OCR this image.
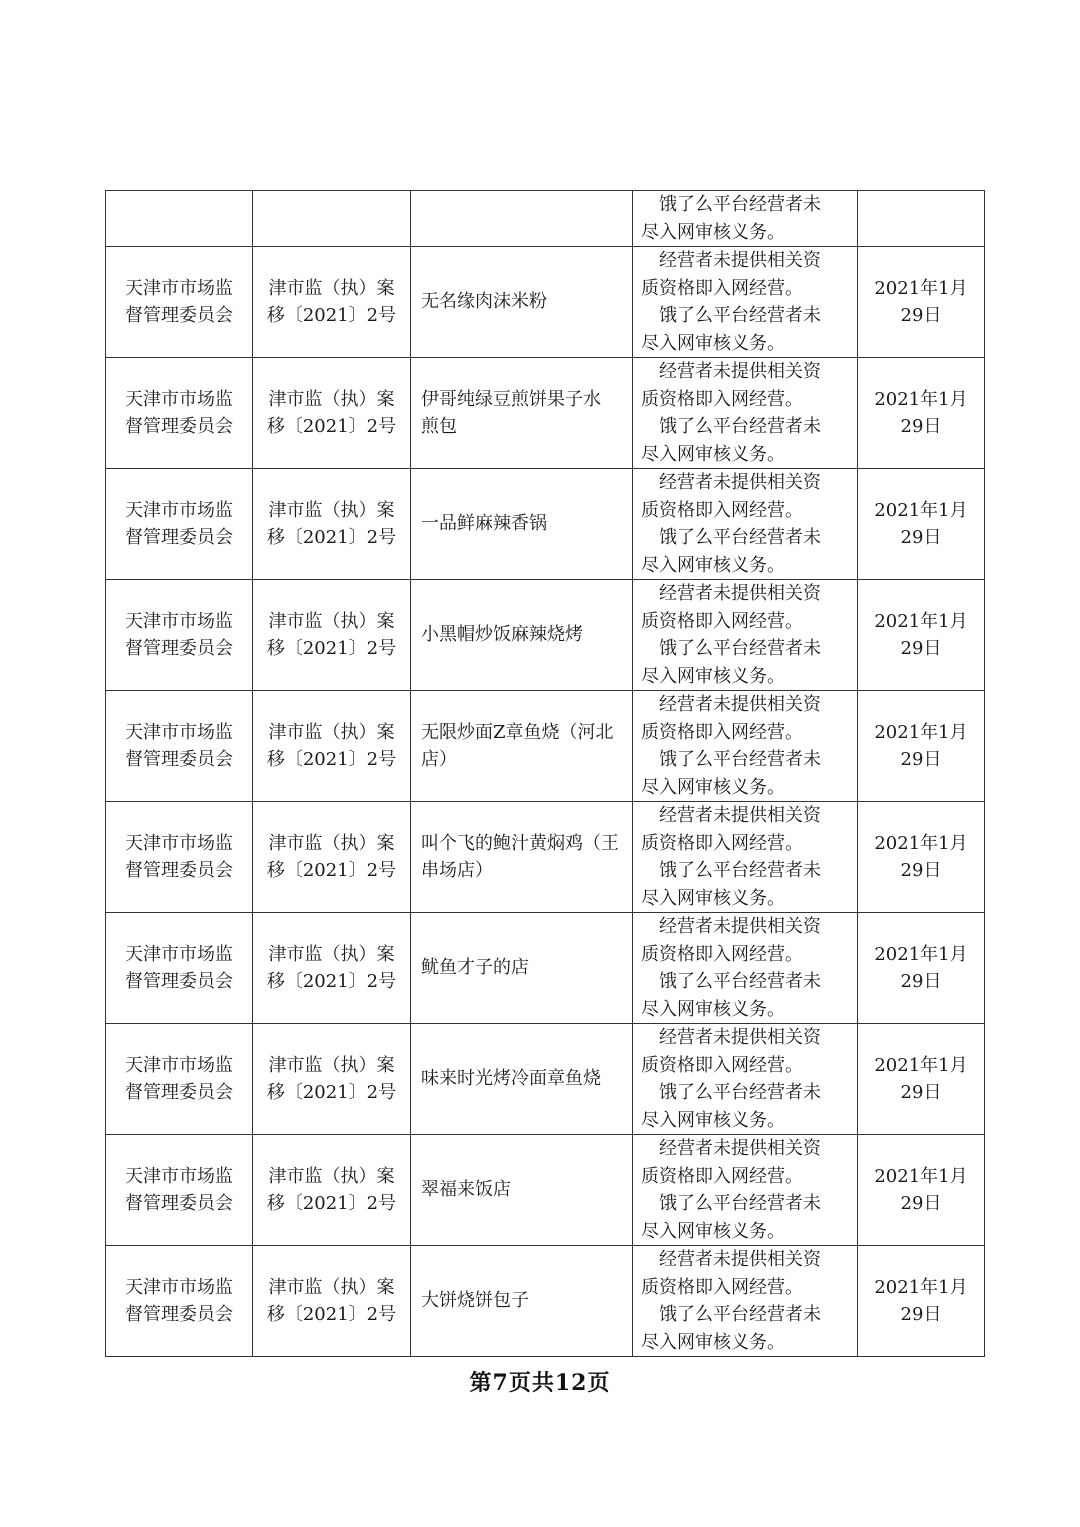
			饿了么平台经营者未
尽入网审核义务。	

天津市市场监
督管理委员会	津市监（执）案
移〔2021〕2号	无名缘肉沫米粉	经营者未提供相关资
质资格即入网经营。
饿了么平台经营者未
尽入网审核义务。	2021年1月
29日

天津市市场监
督管理委员会	津市监（执）案
移〔2021〕2号	伊哥纯绿豆煎饼果子水
煎包	经营者未提供相关资
质资格即入网经营。
饿了么平台经营者未
尽入网审核义务。	2021年1月
29日

天津市市场监
督管理委员会	津市监（执）案
移〔2021〕2号	一品鲜麻辣香锅	经营者未提供相关资
质资格即入网经营。
饿了么平台经营者未
尽入网审核义务。	2021年1月
29日

天津市市场监
督管理委员会	津市监（执）案
移〔2021〕2号	小黑帽炒饭麻辣烧烤	经营者未提供相关资
质资格即入网经营。
饿了么平台经营者未
尽入网审核义务。	2021年1月
29日

天津市市场监
督管理委员会	津市监（执）案
移〔2021〕2号	无限炒面Z章鱼烧（河北
店）	经营者未提供相关资
质资格即入网经营。
饿了么平台经营者未
尽入网审核义务。	2021年1月
29日

天津市市场监
督管理委员会	津市监（执）案
移〔2021〕2号	叫个飞的鲍汁黄焖鸡（王
串场店）	经营者未提供相关资
质资格即入网经营。
饿了么平台经营者未
尽入网审核义务。	2021年1月
29日

天津市市场监
督管理委员会	津市监（执）案
移〔2021〕2号	鱿鱼才子的店	经营者未提供相关资
质资格即入网经营。
饿了么平台经营者未
尽入网审核义务。	2021年1月
29日

天津市市场监
督管理委员会	津市监（执）案
移〔2021〕2号	味来时光烤冷面章鱼烧	经营者未提供相关资
质资格即入网经营。
饿了么平台经营者未
尽入网审核义务。	2021年1月
29日

天津市市场监
督管理委员会	津市监（执）案
移〔2021〕2号	翠福来饭店	经营者未提供相关资
质资格即入网经营。
饿了么平台经营者未
尽入网审核义务。	2021年1月
29日

天津市市场监
督管理委员会	津市监（执）案
移〔2021〕2号	大饼烧饼包子	经营者未提供相关资
质资格即入网经营。
饿了么平台经营者未
尽入网审核义务。	2021年1月
29日
第7页共12页
